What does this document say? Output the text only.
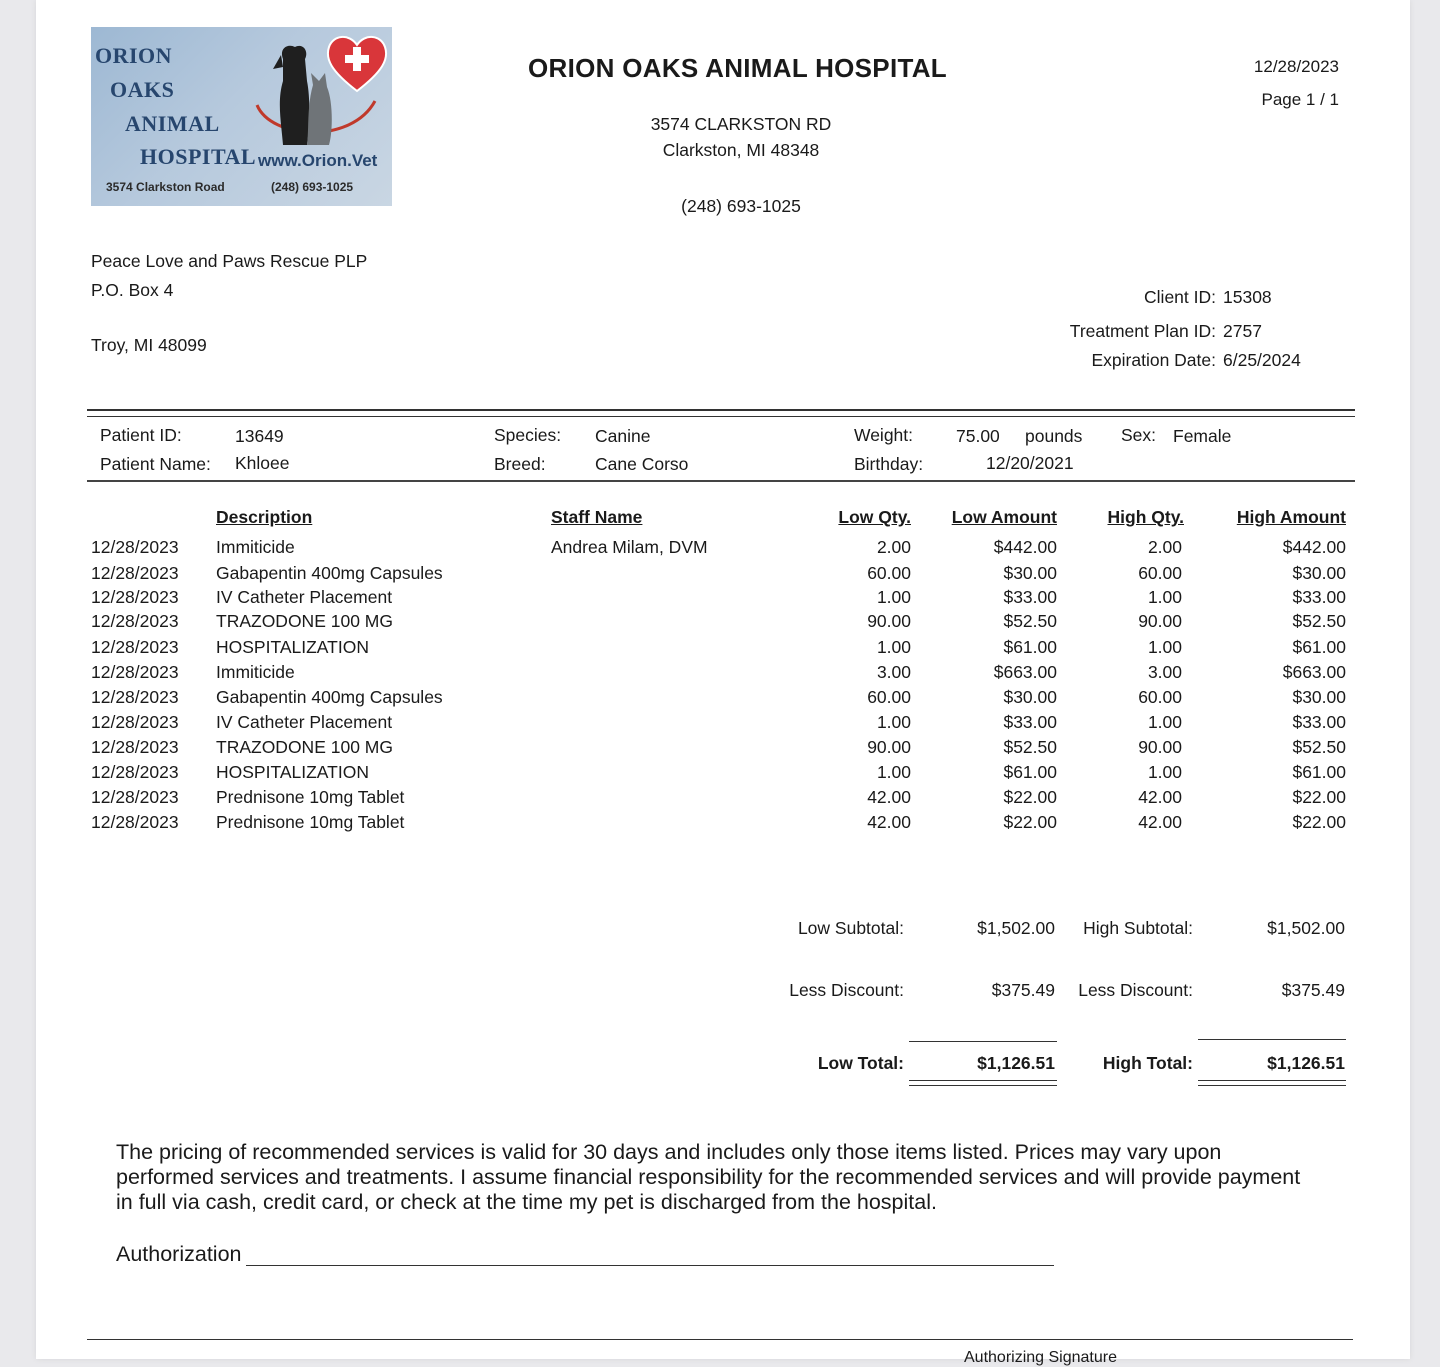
ORION
OAKS
ANIMAL
HOSPITAL www.Orion.Vet
3574 Clarkston Road	(248) 693-1025
ORION OAKS ANIMAL HOSPITAL
3574 CLARKSTON RD
Clarkston, MI 48348
(248) 693-1025
12/28/2023
Page 1 / 1
Peace Love and Paws Rescue PLP
P.O. Box 4
Troy, MI 48099
Client ID: 15308
Treatment Plan ID: 2757
Expiration Date: 6/25/2024
Patient ID:	13649
Patient Name: Khloee
Species: Canine
Breed:	Cane Corso
Weight: 75.00 pounds
Birthday:	12/20/2021
Sex: Female
Description	Staff Name	Low Qty. Low Amount	High Qty.	High Amount
12/28/2023 Immiticide	Andrea Milam, DVM	2.00	$442.00	2.00	$442.00
12/28/2023 Gabapentin 400mg Capsules	60.00	$30.00	60.00	$30.00
12/28/2023 IV Catheter Placement	1.00	$33.00	1.00	$33.00
12/28/2023 TRAZODONE 100 MG	90.00	$52.50	90.00	$52.50
12/28/2023 HOSPITALIZATION	1.00	$61.00	1.00	$61.00
12/28/2023 Immiticide	3.00	$663.00	3.00	$663.00
12/28/2023 Gabapentin 400mg Capsules	60.00	$30.00	60.00	$30.00
12/28/2023 IV Catheter Placement	1.00	$33.00	1.00	$33.00
12/28/2023 TRAZODONE 100 MG	90.00	$52.50	90.00	$52.50
12/28/2023 HOSPITALIZATION	1.00	$61.00	1.00	$61.00
12/28/2023 Prednisone 10mg Tablet	42.00	$22.00	42.00	$22.00
12/28/2023 Prednisone 10mg Tablet	42.00	$22.00	42.00	$22.00
Low Subtotal:	$1,502.00 High Subtotal:	$1,502.00
Less Discount:	$375.49 Less Discount:	$375.49
Low Total:	$1,126.51	High Total:	$1,126.51
The pricing of recommended services is valid for 30 days and includes only those items listed. Prices may vary upon performed services and treatments. I assume financial responsibility for the recommended services and will provide payment in full via cash, credit card, or check at the time my pet is discharged from the hospital.
Authorization
Authorizing Signature
